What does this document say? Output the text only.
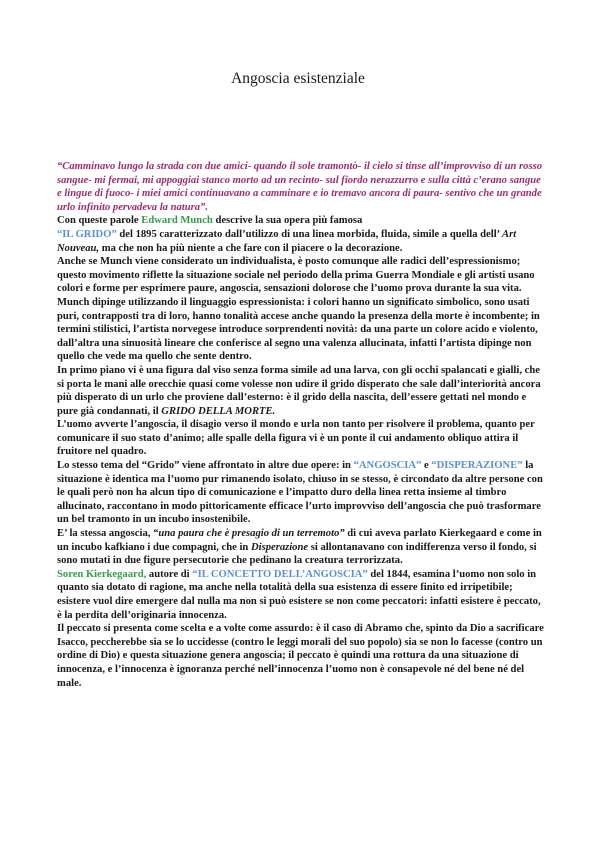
Angoscia esistenziale

“Camminavo lungo la strada con due amici- quando il sole tramontò- il cielo si tinse all’improvviso di un rosso sangue- mi fermai, mi appoggiai stanco morto ad un recinto- sul fiordo nerazzurro e sulla città c’erano sangue e lingue di fuoco- i miei amici continuavano a camminare e io tremavo ancora di paura- sentivo che un grande urlo infinito pervadeva la natura”.

Con queste parole Edward Munch descrive la sua opera più famosa

“IL GRIDO” del 1895 caratterizzato dall’utilizzo di una linea morbida, fluida, simile a quella dell’ Art Nouveau, ma che non ha più niente a che fare con il piacere o la decorazione.

Anche se Munch viene considerato un individualista, è posto comunque alle radici dell’espressionismo; questo movimento riflette la situazione sociale nel periodo della prima Guerra Mondiale e gli artisti usano colori e forme per esprimere paure, angoscia, sensazioni dolorose che l’uomo prova durante la sua vita.

Munch dipinge utilizzando il linguaggio espressionista: i colori hanno un significato simbolico, sono usati puri, contrapposti tra di loro, hanno tonalità accese anche quando la presenza della morte è incombente; in termini stilistici, l’artista norvegese introduce sorprendenti novità: da una parte un colore acido e violento, dall’altra una sinuosità lineare che conferisce al segno una valenza allucinata, infatti l’artista dipinge non quello che vede ma quello che sente dentro.

In primo piano vi è una figura dal viso senza forma simile ad una larva, con gli occhi spalancati e gialli, che si porta le mani alle orecchie quasi come volesse non udire il grido disperato che sale dall’interiorità ancora più disperato di un urlo che proviene dall’esterno: è il grido della nascita, dell’essere gettati nel mondo e pure già condannati, il GRIDO DELLA MORTE.

L’uomo avverte l’angoscia, il disagio verso il mondo e urla non tanto per risolvere il problema, quanto per comunicare il suo stato d’animo; alle spalle della figura vi è un ponte il cui andamento obliquo attira il fruitore nel quadro.

Lo stesso tema del “Grido” viene affrontato in altre due opere: in “ANGOSCIA” e “DISPERAZIONE” la situazione è identica ma l’uomo pur rimanendo isolato, chiuso in se stesso, è circondato da altre persone con le quali però non ha alcun tipo di comunicazione e l’impatto duro della linea retta insieme al timbro allucinato, raccontano in modo pittoricamente efficace l’urto improvviso dell’angoscia che può trasformare un bel tramonto in un incubo insostenibile.

E’ la stessa angoscia, “una paura che è presagio di un terremoto” di cui aveva parlato Kierkegaard e come in un incubo kafkiano i due compagni, che in Disperazione si allontanavano con indifferenza verso il fondo, si sono mutati in due figure persecutorie che pedinano la creatura terrorizzata.

Soren Kierkegaard, autore di “IL CONCETTO DELL’ANGOSCIA” del 1844, esamina l’uomo non solo in quanto sia dotato di ragione, ma anche nella totalità della sua esistenza di essere finito ed irripetibile; esistere vuol dire emergere dal nulla ma non si può esistere se non come peccatori: infatti esistere è peccato, è la perdita dell’originaria innocenza.

Il peccato si presenta come scelta e a volte come assurdo: è il caso di Abramo che, spinto da Dio a sacrificare Isacco, peccherebbe sia se lo uccidesse (contro le leggi morali del suo popolo) sia se non lo facesse (contro un ordine di Dio) e questa situazione genera angoscia; il peccato è quindi una rottura da una situazione di innocenza, e l’innocenza è ignoranza perché nell’innocenza l’uomo non è consapevole né del bene né del male.
